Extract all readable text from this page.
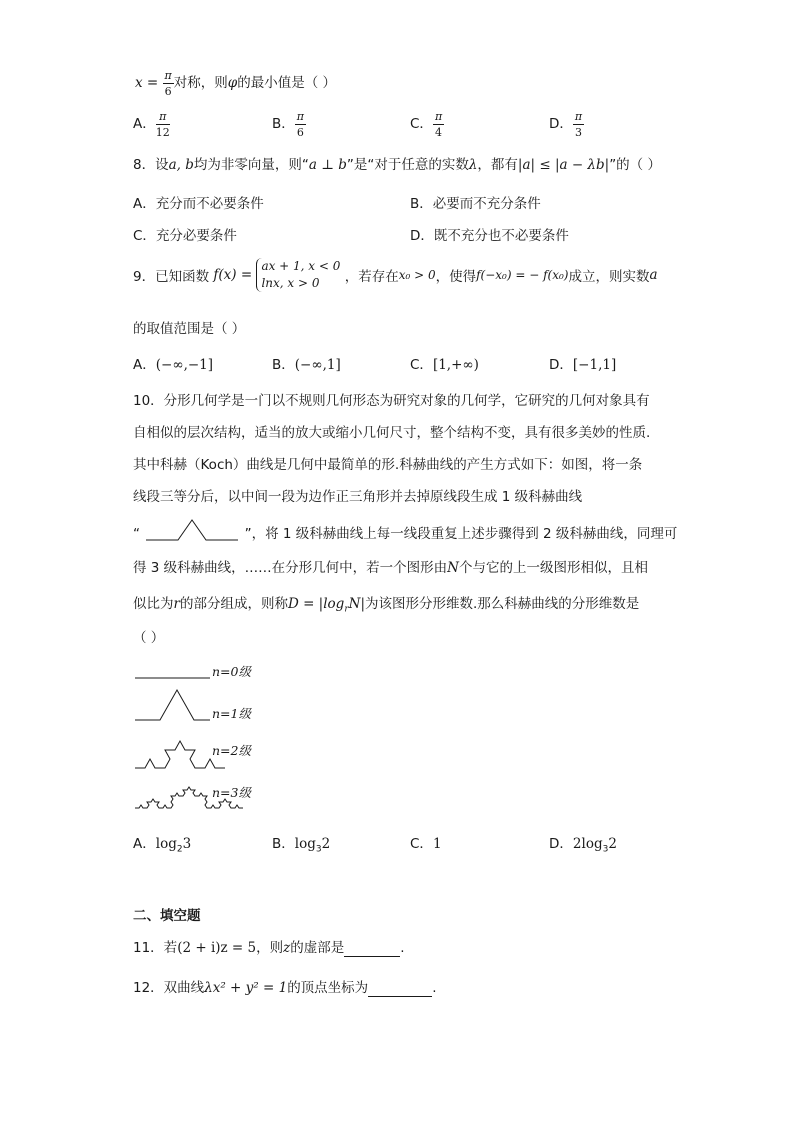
$x = \frac{\pi}{6}$ 对称，则φ的最小值是（ ）
A． $\frac{\pi}{12}$	B． $\frac{\pi}{6}$	C． $\frac{\pi}{4}$	D． $\frac{\pi}{3}$
8．设a, b均为非零向量，则“a ⊥ b”是“对于任意的实数λ，都有|a| ≤ |a − λb|”的（ ）
A．充分而不必要条件	B．必要而不充分条件
C．充分必要条件	D．既不充分也不必要条件
9．已知函数 f(x) =
ax + 1, x < 0
lnx, x > 0	，若存在x₀ > 0，使得f(−x₀) = − f(x₀)成立，则实数a
的取值范围是（ ）
A．(−∞,−1]	B．(−∞,1]	C．[1,+∞)	D．[−1,1]
10．分形几何学是一门以不规则几何形态为研究对象的几何学，它研究的几何对象具有
自相似的层次结构，适当的放大或缩小几何尺寸，整个结构不变，具有很多美妙的性质.
其中科赫（Koch）曲线是几何中最简单的形.科赫曲线的产生方式如下：如图，将一条
线段三等分后，以中间一段为边作正三角形并去掉原线段生成 1 级科赫曲线
“	”，将 1 级科赫曲线上每一线段重复上述步骤得到 2 级科赫曲线，同理可
得 3 级科赫曲线，……在分形几何中，若一个图形由N个与它的上一级图形相似，且相
似比为r的部分组成，则称$D = |\log_rN|$为该图形分形维数.那么科赫曲线的分形维数是
（ ）
n=0级
n=1级
n=2级
n=3级
A．$\log_23$	B．$\log_32$	C．1	D．$2\log_32$
二、填空题
11．若(2 + i)z = 5，则z的虚部是	.
12．双曲线λx² + y² = 1的顶点坐标为	.
